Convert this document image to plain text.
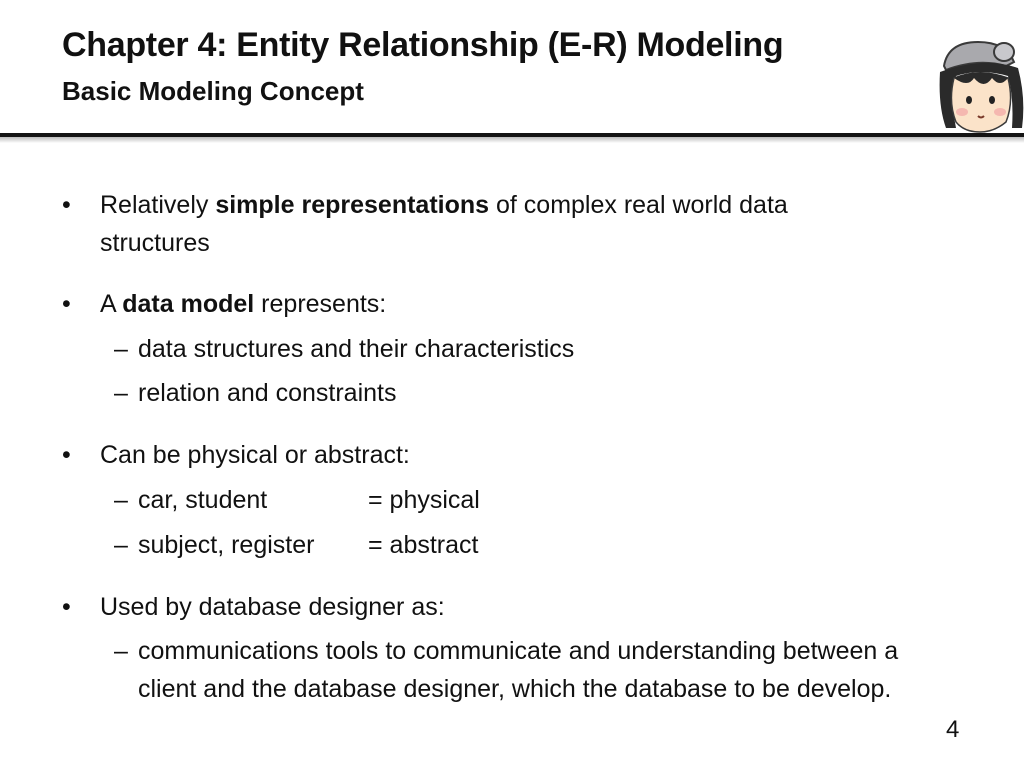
Chapter 4: Entity Relationship (E-R) Modeling
Basic Modeling Concept
• Relatively simple representations of complex real world data structures
• A data model represents:
– data structures and their characteristics
– relation and constraints
• Can be physical or abstract:
– car, student	= physical
– subject, register	= abstract
• Used by database designer as:
– communications tools to communicate and understanding between a client and the database designer, which the database to be develop.
4
